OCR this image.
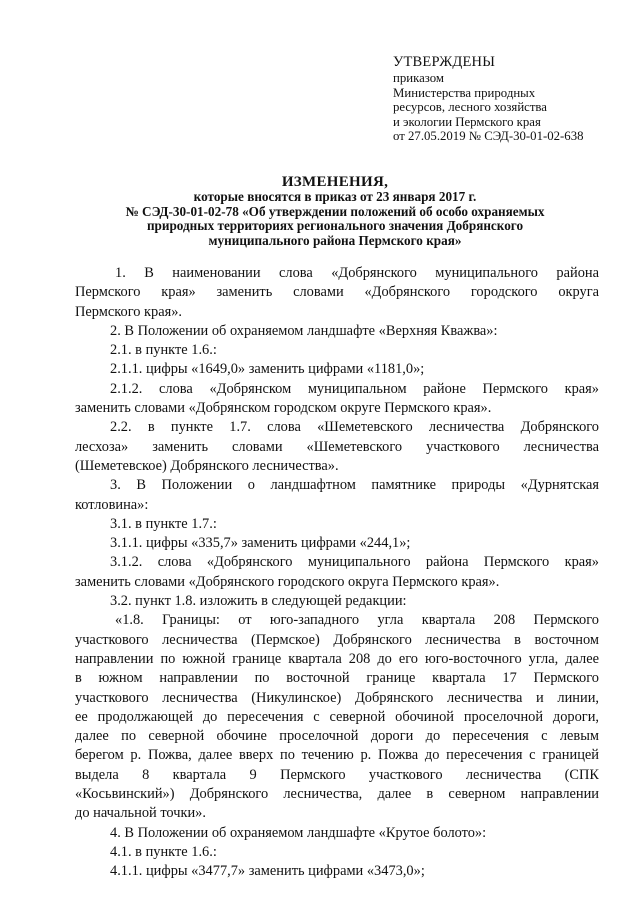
УТВЕРЖДЕНЫ

приказом

Министерства природных

ресурсов, лесного хозяйства

и экологии Пермского края

от 27.05.2019 № СЭД-30-01-02-638

ИЗМЕНЕНИЯ,

которые вносятся в приказ от 23 января 2017 г.

№ СЭД-30-01-02-78 «Об утверждении положений об особо охраняемых

природных территориях регионального значения Добрянского

муниципального района Пермского края»

1. В наименовании слова «Добрянского муниципального района
Пермского края» заменить словами «Добрянского городского округа
Пермского края».
2. В Положении об охраняемом ландшафте «Верхняя Кважва»:
2.1. в пункте 1.6.:
2.1.1. цифры «1649,0» заменить цифрами «1181,0»;
2.1.2. слова «Добрянском муниципальном районе Пермского края»
заменить словами «Добрянском городском округе Пермского края».
2.2. в пункте 1.7. слова «Шеметевского лесничества Добрянского
лесхоза» заменить словами «Шеметевского участкового лесничества
(Шеметевское) Добрянского лесничества».
3. В Положении о ландшафтном памятнике природы «Дурнятская
котловина»:
3.1. в пункте 1.7.:
3.1.1. цифры «335,7» заменить цифрами «244,1»;
3.1.2. слова «Добрянского муниципального района Пермского края»
заменить словами «Добрянского городского округа Пермского края».
3.2. пункт 1.8. изложить в следующей редакции:
«1.8. Границы: от юго-западного угла квартала 208 Пермского
участкового лесничества (Пермское) Добрянского лесничества в восточном
направлении по южной границе квартала 208 до его юго-восточного угла, далее
в южном направлении по восточной границе квартала 17 Пермского
участкового лесничества (Никулинское) Добрянского лесничества и линии,
ее продолжающей до пересечения с северной обочиной проселочной дороги,
далее по северной обочине проселочной дороги до пересечения с левым
берегом р. Пожва, далее вверх по течению р. Пожва до пересечения с границей
выдела 8 квартала 9 Пермского участкового лесничества (СПК
«Косьвинский») Добрянского лесничества, далее в северном направлении
до начальной точки».
4. В Положении об охраняемом ландшафте «Крутое болото»:
4.1. в пункте 1.6.:
4.1.1. цифры «3477,7» заменить цифрами «3473,0»;
